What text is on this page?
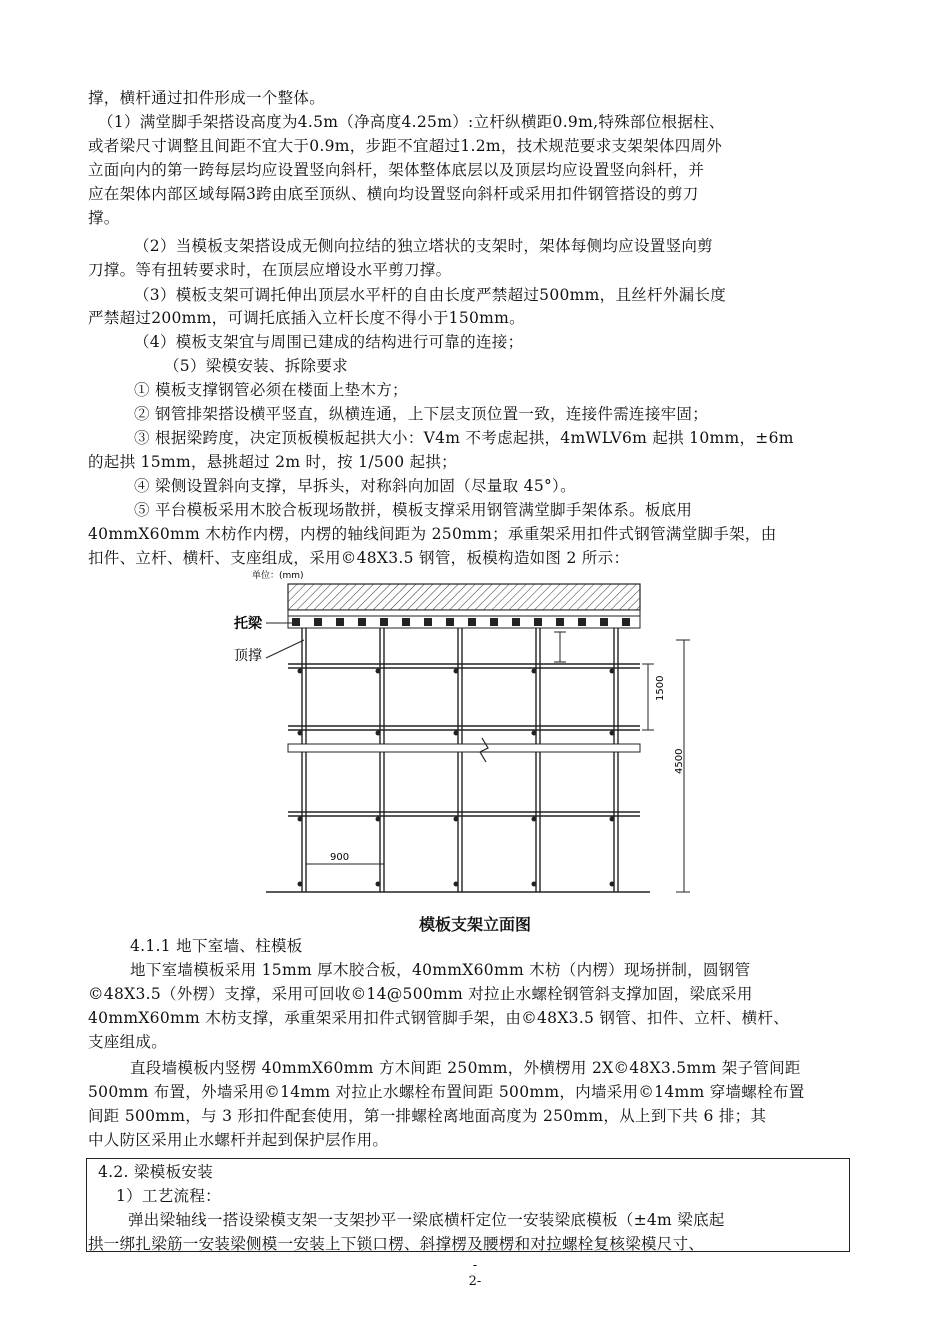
撑，横杆通过扣件形成一个整体。

（1）满堂脚手架搭设高度为4.5m（净高度4.25m）:立杆纵横距0.9m,特殊部位根据柱、

或者梁尺寸调整且间距不宜大于0.9m，步距不宜超过1.2m，技术规范要求支架架体四周外

立面向内的第一跨每层均应设置竖向斜杆，架体整体底层以及顶层均应设置竖向斜杆，并

应在架体内部区域每隔3跨由底至顶纵、横向均设置竖向斜杆或采用扣件钢管搭设的剪刀

撑。

（2）当模板支架搭设成无侧向拉结的独立塔状的支架时，架体每侧均应设置竖向剪

刀撑。等有扭转要求时，在顶层应增设水平剪刀撑。

（3）模板支架可调托伸出顶层水平杆的自由长度严禁超过500mm，且丝杆外漏长度

严禁超过200mm，可调托底插入立杆长度不得小于150mm。

（4）模板支架宜与周围已建成的结构进行可靠的连接；

（5）梁模安装、拆除要求

① 模板支撑钢管必须在楼面上垫木方；

② 钢管排架搭设横平竖直，纵横连通，上下层支顶位置一致，连接件需连接牢固；

③ 根据梁跨度，决定顶板模板起拱大小：V4m 不考虑起拱，4mWLV6m 起拱 10mm，±6m

的起拱 15mm，悬挑超过 2m 时，按 1/500 起拱；

④ 梁侧设置斜向支撑，早拆头，对称斜向加固（尽量取 45°）。

⑤ 平台模板采用木胶合板现场散拼，模板支撑采用钢管满堂脚手架体系。板底用

40mmX60mm 木枋作内楞，内楞的轴线间距为 250mm；承重架采用扣件式钢管满堂脚手架，由

扣件、立杆、横杆、支座组成，采用©48X3.5 钢管，板模构造如图 2 所示：

单位：(mm)
托梁
顶撑
1500
4500
900
模板支架立面图

4.1.1 地下室墙、柱模板

地下室墙模板采用 15mm 厚木胶合板，40mmX60mm 木枋（内楞）现场拼制，圆钢管

©48X3.5（外楞）支撑，采用可回收©14@500mm 对拉止水螺栓钢管斜支撑加固，梁底采用

40mmX60mm 木枋支撑，承重架采用扣件式钢管脚手架，由©48X3.5 钢管、扣件、立杆、横杆、

支座组成。

直段墙模板内竖楞 40mmX60mm 方木间距 250mm，外横楞用 2X©48X3.5mm 架子管间距

500mm 布置，外墙采用©14mm 对拉止水螺栓布置间距 500mm，内墙采用©14mm 穿墙螺栓布置

间距 500mm，与 3 形扣件配套使用，第一排螺栓离地面高度为 250mm，从上到下共 6 排；其

中人防区采用止水螺杆并起到保护层作用。

4.2. 梁模板安装

1）工艺流程：

弹出梁轴线一搭设梁模支架一支架抄平一梁底横杆定位一安装梁底模板（±4m 梁底起

拱一绑扎梁筋一安装梁侧模一安装上下锁口楞、斜撑楞及腰楞和对拉螺栓复核梁模尺寸、

-
2-
